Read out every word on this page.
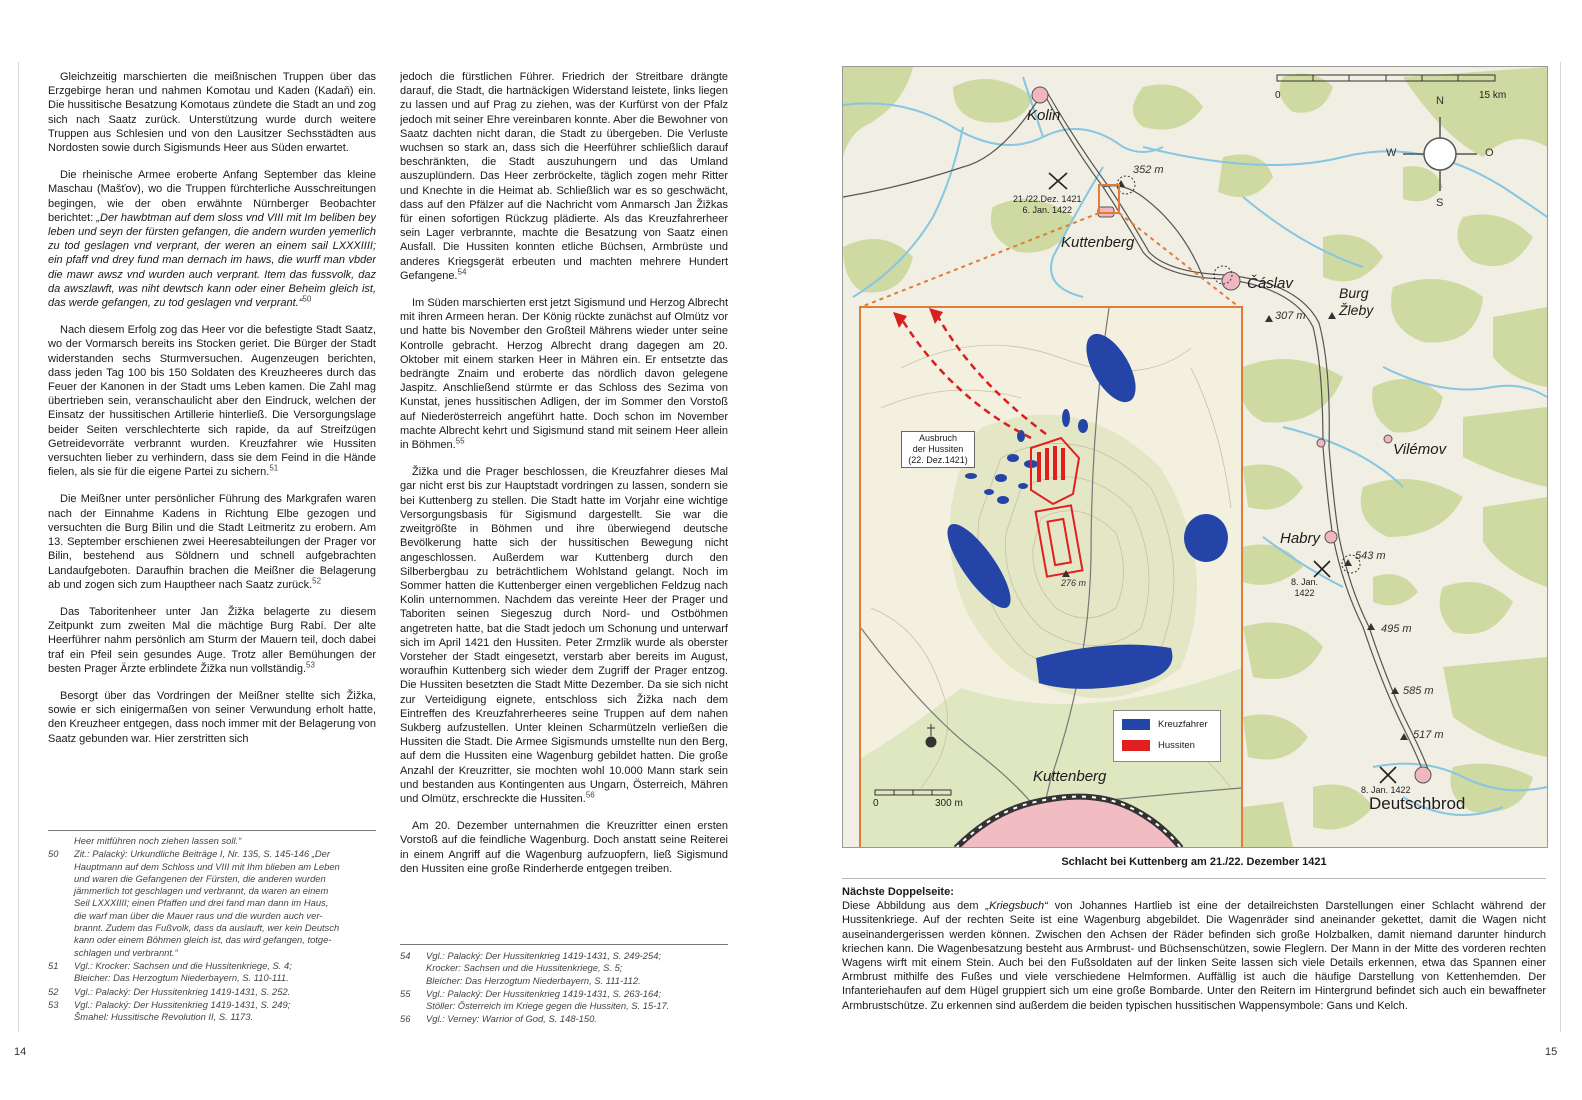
Gleichzeitig marschierten die meißnischen Truppen über das Erzgebirge heran und nahmen Komotau und Kaden (Kadaň) ein. Die hussitische Besatzung Komotaus zündete die Stadt an und zog sich nach Saatz zurück. Unterstützung wurde durch weitere Truppen aus Schlesien und von den Lausitzer Sechsstädten aus Nordosten sowie durch Sigismunds Heer aus Süden erwartet.

Die rheinische Armee eroberte Anfang September das kleine Maschau (Mašťov), wo die Truppen fürchterliche Ausschreitungen begingen, wie der oben erwähnte Nürnberger Beobachter berichtet: „Der hawbtman auf dem sloss vnd VIII mit Im beliben bey leben und seyn der fürsten gefangen, die andern wurden yemerlich zu tod geslagen vnd verprant, der weren an einem sail LXXXIIII; ein pfaff vnd drey fund man dernach im haws, die wurff man vbder die mawr awsz vnd wurden auch verprant. Item das fussvolk, daz da awszlawft, was niht dewtsch kann oder einer Beheim gleich ist, das werde gefangen, zu tod geslagen vnd verprant.“$^{50}$

Nach diesem Erfolg zog das Heer vor die befestigte Stadt Saatz, wo der Vormarsch bereits ins Stocken geriet. Die Bürger der Stadt widerstanden sechs Sturmversuchen. Augenzeugen berichten, dass jeden Tag 100 bis 150 Soldaten des Kreuzheeres durch das Feuer der Kanonen in der Stadt ums Leben kamen. Die Zahl mag übertrieben sein, veranschaulicht aber den Eindruck, welchen der Einsatz der hussitischen Artillerie hinterließ. Die Versorgungslage beider Seiten verschlechterte sich rapide, da auf Streifzügen Getreidevorräte verbrannt wurden. Kreuzfahrer wie Hussiten versuchten lieber zu verhindern, dass sie dem Feind in die Hände fielen, als sie für die eigene Partei zu sichern.$^{51}$

Die Meißner unter persönlicher Führung des Markgrafen waren nach der Einnahme Kadens in Richtung Elbe gezogen und versuchten die Burg Bilin und die Stadt Leitmeritz zu erobern. Am 13. September erschienen zwei Heeresabteilungen der Prager vor Bilin, bestehend aus Söldnern und schnell aufgebrachten Landaufgeboten. Daraufhin brachen die Meißner die Belagerung ab und zogen sich zum Hauptheer nach Saatz zurück.$^{52}$

Das Taboritenheer unter Jan Žižka belagerte zu diesem Zeitpunkt zum zweiten Mal die mächtige Burg Rabí. Der alte Heerführer nahm persönlich am Sturm der Mauern teil, doch dabei traf ein Pfeil sein gesundes Auge. Trotz aller Bemühungen der besten Prager Ärzte erblindete Žižka nun vollständig.$^{53}$

Besorgt über das Vordringen der Meißner stellte sich Žižka, sowie er sich einigermaßen von seiner Verwundung erholt hatte, den Kreuzheer entgegen, dass noch immer mit der Belagerung von Saatz gebunden war. Hier zerstritten sich

Heer mitführen noch ziehen lassen soll.“
50	Zit.: Palacký: Urkundliche Beiträge I, Nr. 135, S. 145-146 „Der
Hauptmann auf dem Schloss und VIII mit Ihm blieben am Leben
und waren die Gefangenen der Fürsten, die anderen wurden
jämmerlich tot geschlagen und verbrannt, da waren an einem
Seil LXXXIIII; einen Pfaffen und drei fand man dann im Haus,
die warf man über die Mauer raus und die wurden auch ver-
brannt. Zudem das Fußvolk, dass da auslauft, wer kein Deutsch
kann oder einem Böhmen gleich ist, das wird gefangen, totge-
schlagen und verbrannt.“
51	Vgl.: Krocker: Sachsen und die Hussitenkriege, S. 4;
Bleicher: Das Herzogtum Niederbayern, S. 110-111.
52	Vgl.: Palacký: Der Hussitenkrieg 1419-1431, S. 252.
53	Vgl.: Palacký: Der Hussitenkrieg 1419-1431, S. 249;
Šmahel: Hussitische Revolution II, S. 1173.

jedoch die fürstlichen Führer. Friedrich der Streitbare drängte darauf, die Stadt, die hartnäckigen Widerstand leistete, links liegen zu lassen und auf Prag zu ziehen, was der Kurfürst von der Pfalz jedoch mit seiner Ehre vereinbaren konnte. Aber die Bewohner von Saatz dachten nicht daran, die Stadt zu übergeben. Die Verluste wuchsen so stark an, dass sich die Heerführer schließlich darauf beschränkten, die Stadt auszuhungern und das Umland auszuplündern. Das Heer zerbröckelte, täglich zogen mehr Ritter und Knechte in die Heimat ab. Schließlich war es so geschwächt, dass auf den Pfälzer auf die Nachricht vom Anmarsch Jan Žižkas für einen sofortigen Rückzug plädierte. Als das Kreuzfahrerheer sein Lager verbrannte, machte die Besatzung von Saatz einen Ausfall. Die Hussiten konnten etliche Büchsen, Armbrüste und anderes Kriegsgerät erbeuten und machten mehrere Hundert Gefangene.$^{54}$

Im Süden marschierten erst jetzt Sigismund und Herzog Albrecht mit ihren Armeen heran. Der König rückte zunächst auf Olmütz vor und hatte bis November den Großteil Mährens wieder unter seine Kontrolle gebracht. Herzog Albrecht drang dagegen am 20. Oktober mit einem starken Heer in Mähren ein. Er entsetzte das bedrängte Znaim und eroberte das nördlich davon gelegene Jaspitz. Anschließend stürmte er das Schloss des Sezima von Kunstat, jenes hussitischen Adligen, der im Sommer den Vorstoß auf Niederösterreich angeführt hatte. Doch schon im November machte Albrecht kehrt und Sigismund stand mit seinem Heer allein in Böhmen.$^{55}$

Žižka und die Prager beschlossen, die Kreuzfahrer dieses Mal gar nicht erst bis zur Hauptstadt vordringen zu lassen, sondern sie bei Kuttenberg zu stellen. Die Stadt hatte im Vorjahr eine wichtige Versorgungsbasis für Sigismund dargestellt. Sie war die zweitgrößte in Böhmen und ihre überwiegend deutsche Bevölkerung hatte sich der hussitischen Bewegung nicht angeschlossen. Außerdem war Kuttenberg durch den Silberbergbau zu beträchtlichem Wohlstand gelangt. Noch im Sommer hatten die Kuttenberger einen vergeblichen Feldzug nach Kolin unternommen. Nachdem das vereinte Heer der Prager und Taboriten seinen Siegeszug durch Nord- und Ostböhmen angetreten hatte, bat die Stadt jedoch um Schonung und unterwarf sich im April 1421 den Hussiten. Peter Zrmzlik wurde als oberster Vorsteher der Stadt eingesetzt, verstarb aber bereits im August, woraufhin Kuttenberg sich wieder dem Zugriff der Prager entzog. Die Hussiten besetzten die Stadt Mitte Dezember. Da sie sich nicht zur Verteidigung eignete, entschloss sich Žižka nach dem Eintreffen des Kreuzfahrerheeres seine Truppen auf dem nahen Sukberg aufzustellen. Unter kleinen Scharmützeln verließen die Hussiten die Stadt. Die Armee Sigismunds umstellte nun den Berg, auf dem die Hussiten eine Wagenburg gebildet hatten. Die große Anzahl der Kreuzritter, sie mochten wohl 10.000 Mann stark sein und bestanden aus Kontingenten aus Ungarn, Österreich, Mähren und Olmütz, erschreckte die Hussiten.$^{56}$

Am 20. Dezember unternahmen die Kreuzritter einen ersten Vorstoß auf die feindliche Wagenburg. Doch anstatt seine Reiterei in einem Angriff auf die Wagenburg aufzuopfern, ließ Sigismund den Hussiten eine große Rinderherde entgegen treiben.

54	Vgl.: Palacký: Der Hussitenkrieg 1419-1431, S. 249-254;
Krocker: Sachsen und die Hussitenkriege, S. 5;
Bleicher: Das Herzogtum Niederbayern, S. 111-112.
55	Vgl.: Palacký: Der Hussitenkrieg 1419-1431, S. 263-164;
Stöller: Österreich im Kriege gegen die Hussiten, S. 15-17.
56	Vgl.: Verney: Warrior of God, S. 148-150.
14	15
Kolin
Kuttenberg
Čáslav
Burg Žleby
Vilémov
Habry
Deutschbrod
352 m
307 m
543 m
495 m
585 m
517 m
21./22.Dez. 1421
6. Jan. 1422
8. Jan.
1422
8. Jan. 1422
0	15 km
N
W	O
S
Ausbruch
der Hussiten
(22. Dez.1421)
276 m
Kuttenberg
0	300 m
Kreuzfahrer
Hussiten
Schlacht bei Kuttenberg am 21./22. Dezember 1421
Nächste Doppelseite:
Diese Abbildung aus dem „Kriegsbuch“ von Johannes Hartlieb ist eine der detailreichsten Darstellungen einer Schlacht während der Hussitenkriege. Auf der rechten Seite ist eine Wagenburg abgebildet. Die Wagenräder sind aneinander gekettet, damit die Wagen nicht auseinandergerissen werden können. Zwischen den Achsen der Räder befinden sich große Holzbalken, damit niemand darunter hindurch kriechen kann. Die Wagenbesatzung besteht aus Armbrust- und Büchsenschützen, sowie Fleglern. Der Mann in der Mitte des vorderen rechten Wagens wirft mit einem Stein. Auch bei den Fußsoldaten auf der linken Seite lassen sich viele Details erkennen, etwa das Spannen einer Armbrust mithilfe des Fußes und viele verschiedene Helmformen. Auffällig ist auch die häufige Darstellung von Kettenhemden. Der Infanteriehaufen auf dem Hügel gruppiert sich um eine große Bombarde. Unter den Reitern im Hintergrund befindet sich auch ein bewaffneter Armbrustschütze. Zu erkennen sind außerdem die beiden typischen hussitischen Wappensymbole: Gans und Kelch.
